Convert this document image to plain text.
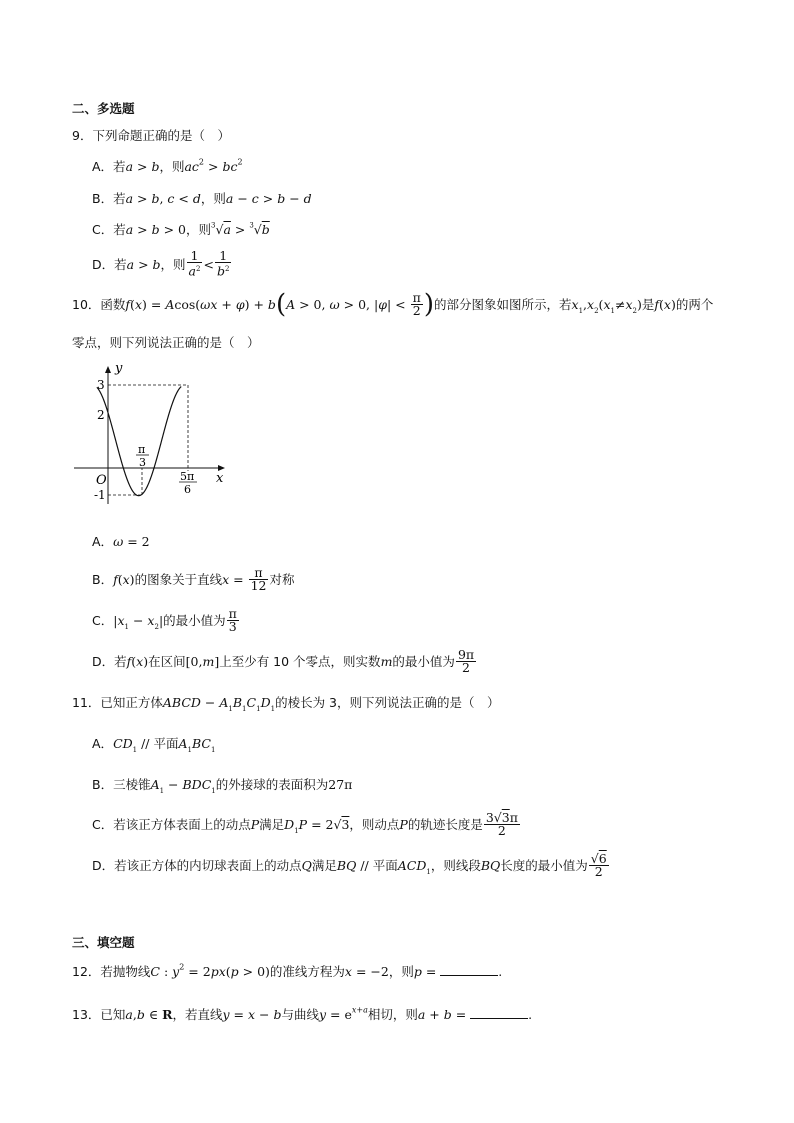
二、多选题
9．下列命题正确的是（　）
A．若a > b，则$ac^2 > bc^2$
B．若a > b, c < d，则a − c > b − d
C．若a > b > 0，则$^3$√a > $^3$√b
D．若a > b，则 $\frac{1}{a^2} < \frac{1}{b^2}$
10．函数f(x) = Acos(ωx + φ) + b(A > 0, ω > 0, $|\varphi| < \frac{\pi}{2}$ )的部分图象如图所示，若$x_1,x_2(x_1\ne x_2)$是f(x)的两个
零点，则下列说法正确的是（　）
y
x
O
3
2
-1
π
3
5π
6
A．ω = 2
B．f(x)的图象关于直线$x = \frac{\pi}{12}$ 对称
C．$|x_1 - x_2|$的最小值为 $\frac{\pi}{3}$
D．若f(x)在区间[0,m]上至少有 10 个零点，则实数m的最小值为 $\frac{9\pi}{2}$
11．已知正方体ABCD − $A_1B_1C_1D_1$的棱长为 3，则下列说法正确的是（　）
A．$CD_1$ // 平面$A_1BC_1$
B．三棱锥$A_1 - BDC_1$的外接球的表面积为27π
C．若该正方体表面上的动点P满足$D_1P = 2√3$，则动点P的轨迹长度是 $\frac{3√3\pi}{2}$
D．若该正方体的内切球表面上的动点Q满足BQ // 平面$ACD_1$，则线段BQ长度的最小值为 $\frac{√6}{2}$
三、填空题
12．若抛物线C : $y^2 = 2px(p > 0)$的准线方程为x = −2，则p =	.
13．已知a,b ∈ R，若直线y = x − b与曲线$y = e^{x+a}$相切，则a + b =	.
